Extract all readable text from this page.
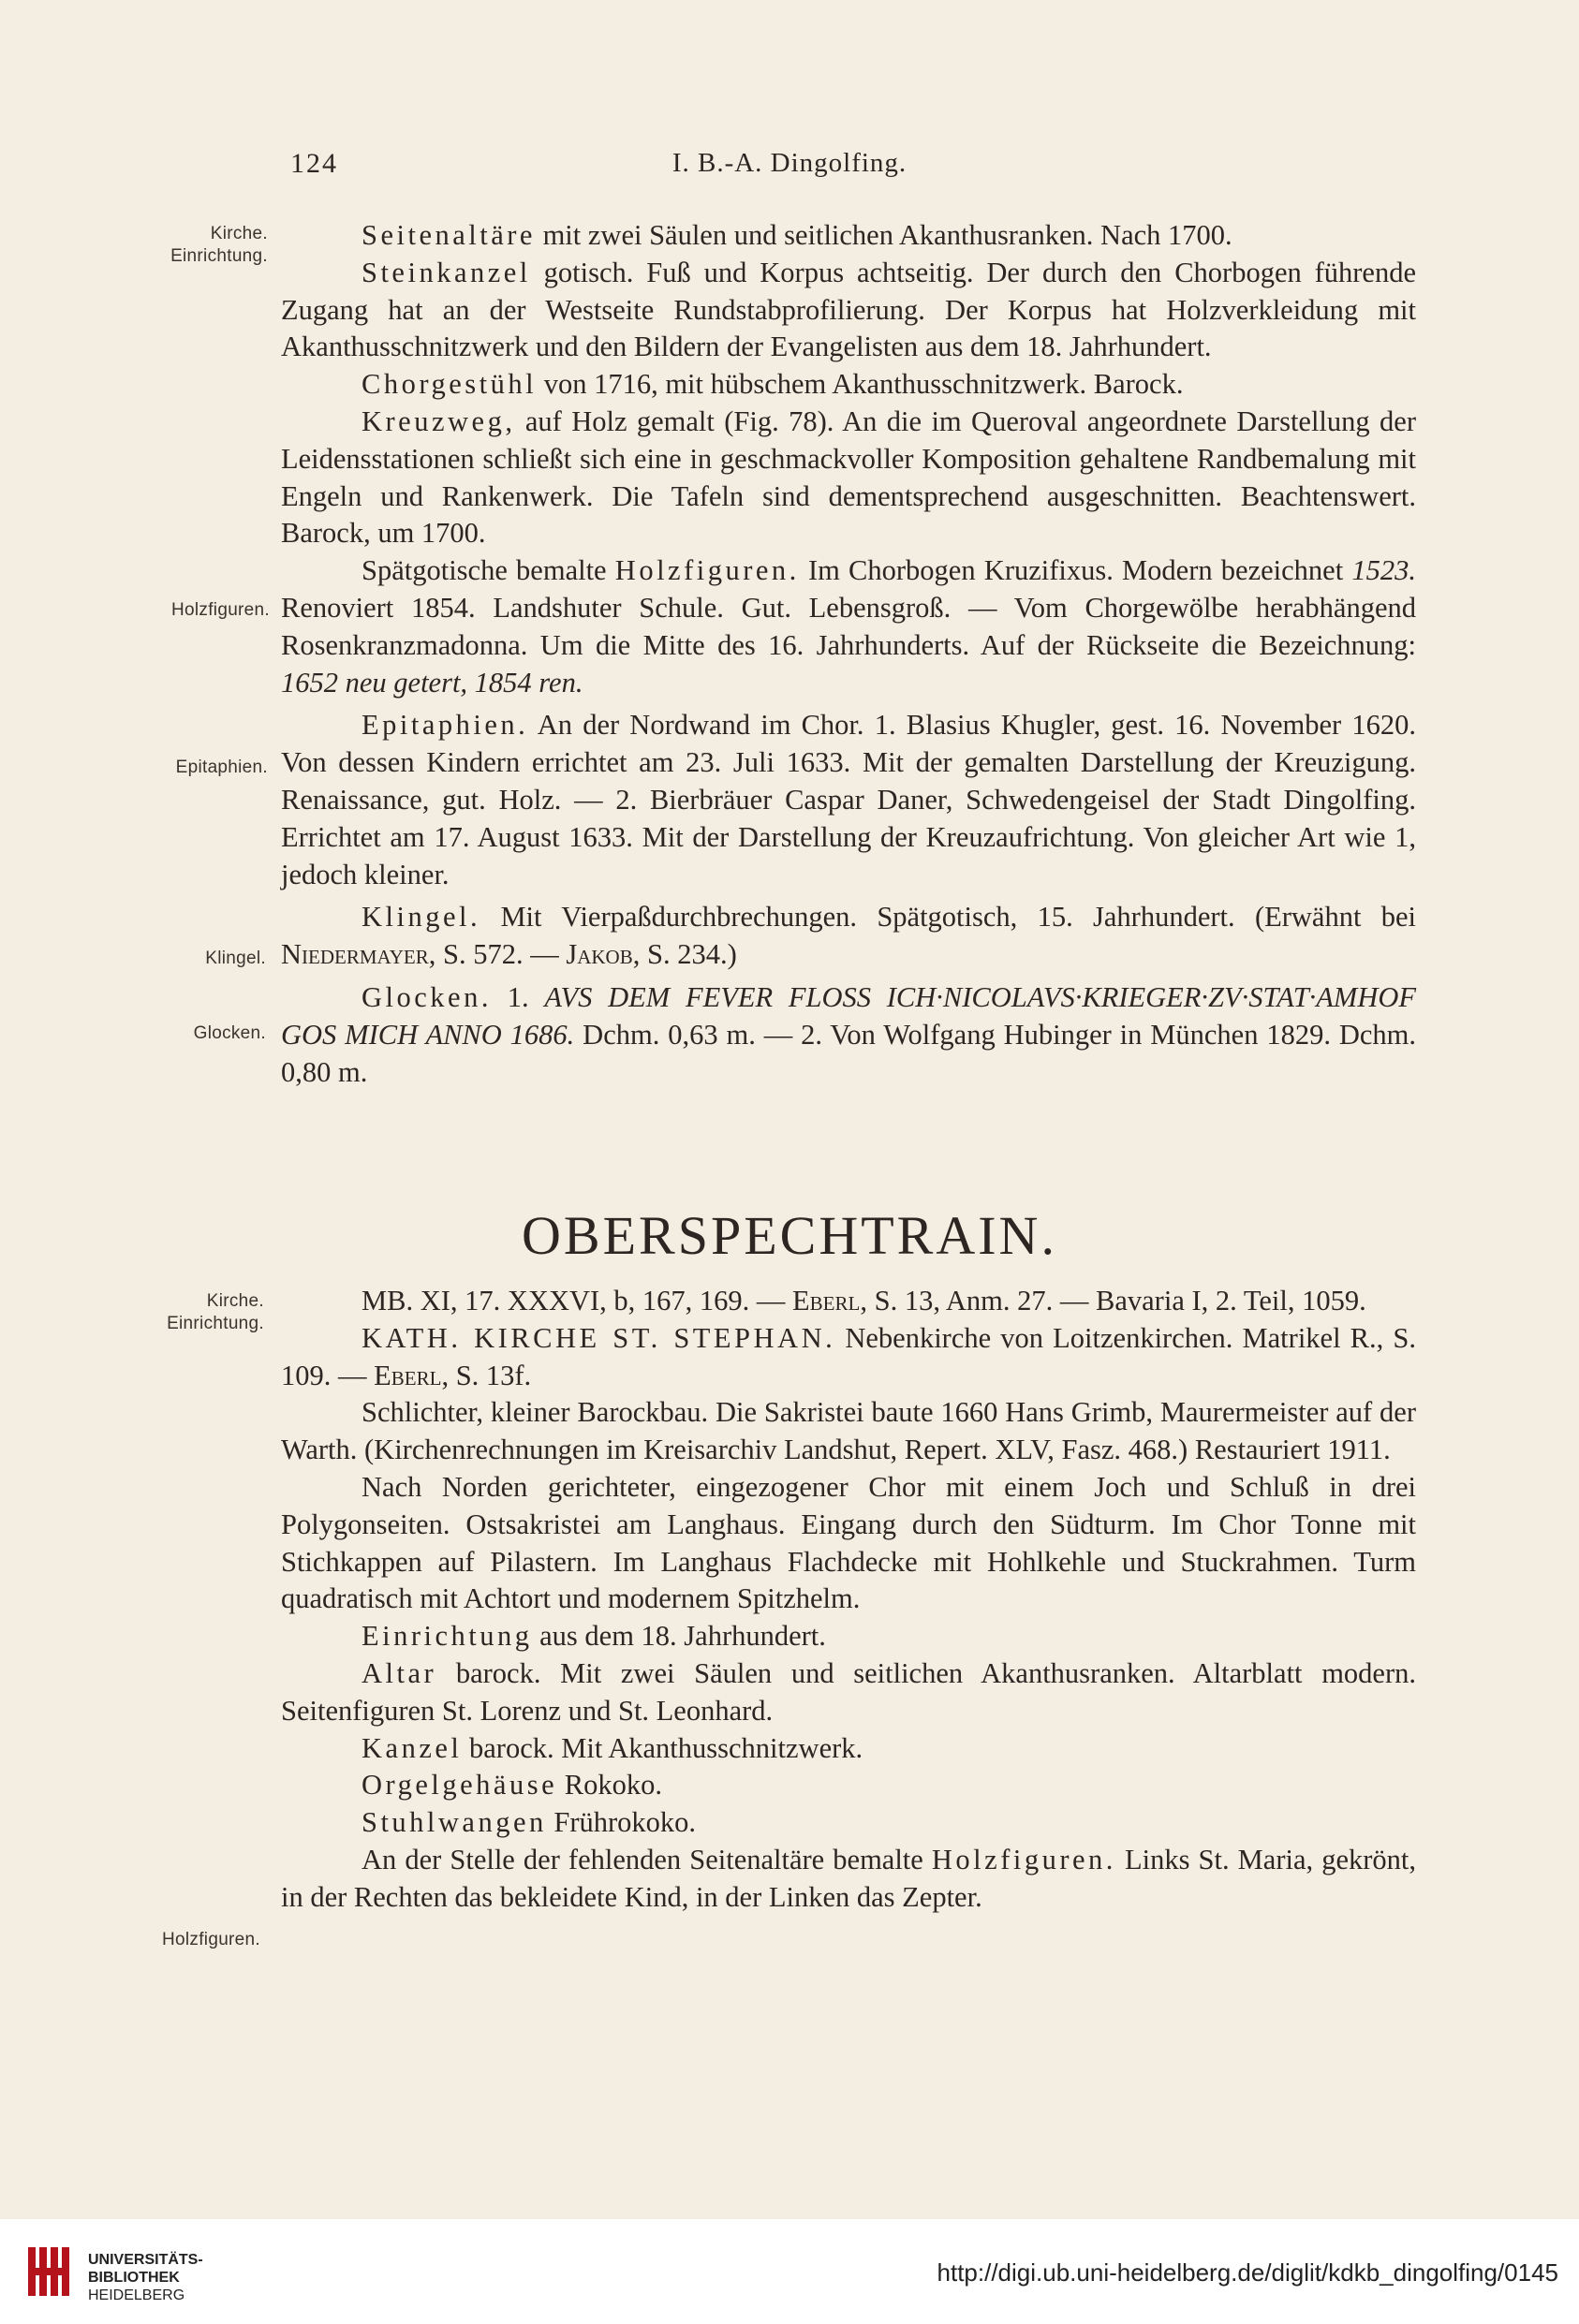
124	I. B.-A. Dingolfing.
Kirche.
Einrichtung.
Holzfiguren.
Epitaphien.
Klingel.
Glocken.
Kirche.
Einrichtung.
Holzfiguren.

Seitenaltäre mit zwei Säulen und seitlichen Akanthusranken. Nach 1700.

Steinkanzel gotisch. Fuß und Korpus achtseitig. Der durch den Chorbogen führende Zugang hat an der Westseite Rundstabprofilierung. Der Korpus hat Holzverkleidung mit Akanthusschnitzwerk und den Bildern der Evangelisten aus dem 18. Jahrhundert.

Chorgestühl von 1716, mit hübschem Akanthusschnitzwerk. Barock.

Kreuzweg, auf Holz gemalt (Fig. 78). An die im Queroval angeordnete Darstellung der Leidensstationen schließt sich eine in geschmackvoller Komposition gehaltene Randbemalung mit Engeln und Rankenwerk. Die Tafeln sind dementsprechend ausgeschnitten. Beachtenswert. Barock, um 1700.

Spätgotische bemalte Holzfiguren. Im Chorbogen Kruzifixus. Modern bezeichnet 1523. Renoviert 1854. Landshuter Schule. Gut. Lebensgroß. — Vom Chorgewölbe herabhängend Rosenkranzmadonna. Um die Mitte des 16. Jahrhunderts. Auf der Rückseite die Bezeichnung: 1652 neu getert, 1854 ren.

Epitaphien. An der Nordwand im Chor. 1. Blasius Khugler, gest. 16. November 1620. Von dessen Kindern errichtet am 23. Juli 1633. Mit der gemalten Darstellung der Kreuzigung. Renaissance, gut. Holz. — 2. Bierbräuer Caspar Daner, Schwedengeisel der Stadt Dingolfing. Errichtet am 17. August 1633. Mit der Darstellung der Kreuzaufrichtung. Von gleicher Art wie 1, jedoch kleiner.

Klingel. Mit Vierpaßdurchbrechungen. Spätgotisch, 15. Jahrhundert. (Erwähnt bei Niedermayer, S. 572. — Jakob, S. 234.)

Glocken. 1. AVS DEM FEVER FLOSS ICH·NICOLAVS·KRIEGER·ZV·STAT·AMHOF GOS MICH ANNO 1686. Dchm. 0,63 m. — 2. Von Wolfgang Hubinger in München 1829. Dchm. 0,80 m.

OBERSPECHTRAIN.

MB. XI, 17. XXXVI, b, 167, 169. — Eberl, S. 13, Anm. 27. — Bavaria I, 2. Teil, 1059.

KATH. KIRCHE ST. STEPHAN. Nebenkirche von Loitzenkirchen. Matrikel R., S. 109. — Eberl, S. 13f.

Schlichter, kleiner Barockbau. Die Sakristei baute 1660 Hans Grimb, Maurermeister auf der Warth. (Kirchenrechnungen im Kreisarchiv Landshut, Repert. XLV, Fasz. 468.) Restauriert 1911.

Nach Norden gerichteter, eingezogener Chor mit einem Joch und Schluß in drei Polygonseiten. Ostsakristei am Langhaus. Eingang durch den Südturm. Im Chor Tonne mit Stichkappen auf Pilastern. Im Langhaus Flachdecke mit Hohlkehle und Stuckrahmen. Turm quadratisch mit Achtort und modernem Spitzhelm.

Einrichtung aus dem 18. Jahrhundert.

Altar barock. Mit zwei Säulen und seitlichen Akanthusranken. Altarblatt modern. Seitenfiguren St. Lorenz und St. Leonhard.

Kanzel barock. Mit Akanthusschnitzwerk.

Orgelgehäuse Rokoko.

Stuhlwangen Frührokoko.

An der Stelle der fehlenden Seitenaltäre bemalte Holzfiguren. Links St. Maria, gekrönt, in der Rechten das bekleidete Kind, in der Linken das Zepter.

UNIVERSITÄTS-
BIBLIOTHEK
HEIDELBERG
http://digi.ub.uni-heidelberg.de/diglit/kdkb_dingolfing/0145
